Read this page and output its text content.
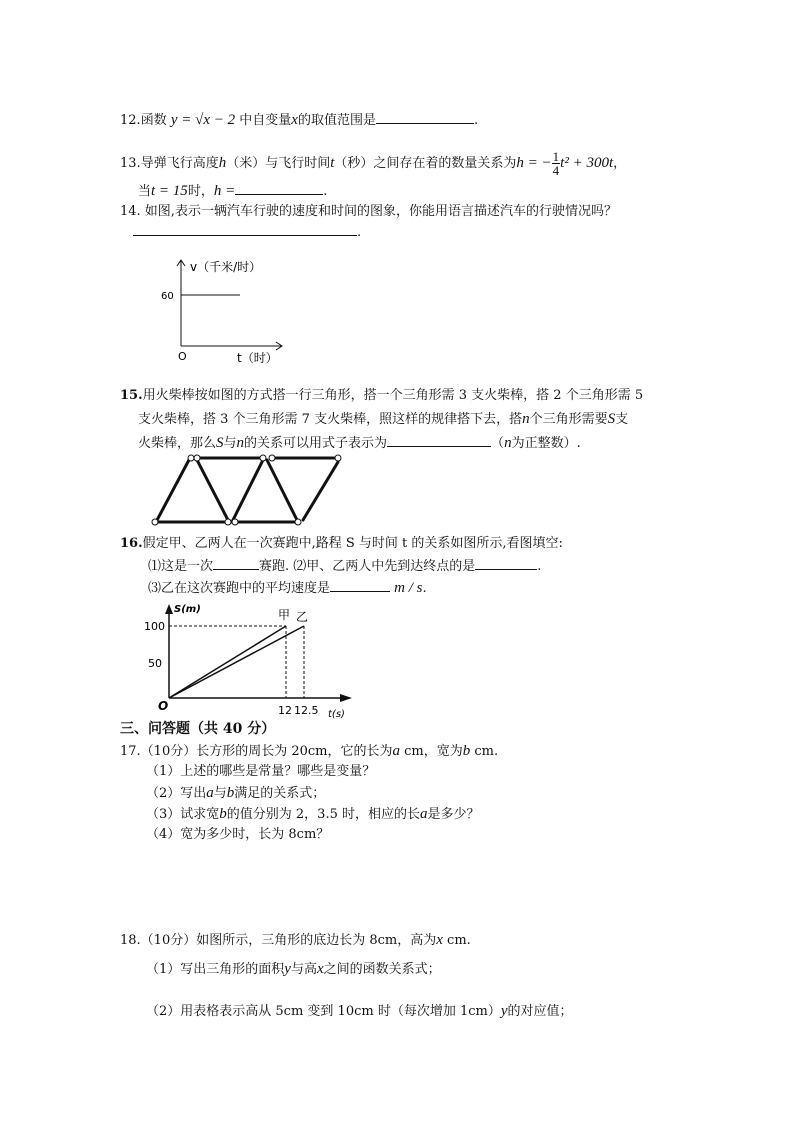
12.函数 y = √x − 2 中自变量x的取值范围是	.
13.导弹飞行高度h（米）与飞行时间t（秒）之间存在着的数量关系为h = − $\frac{1}{4} t^2 + 300t$，
当t = 15时，h =	.
14. 如图,表示一辆汽车行驶的速度和时间的图象，你能用语言描述汽车的行驶情况吗？
.
v（千米/时）
60
O	t（时）
15.用火柴棒按如图的方式搭一行三角形，搭一个三角形需 3 支火柴棒，搭 2 个三角形需 5
支火柴棒，搭 3 个三角形需 7 支火柴棒，照这样的规律搭下去，搭n个三角形需要S支
火柴棒，那么S与n的关系可以用式子表示为	（n为正整数）.
16.假定甲、乙两人在一次赛跑中,路程 S 与时间 t 的关系如图所示,看图填空:
⑴这是一次	赛跑. ⑵甲、乙两人中先到达终点的是	.
⑶乙在这次赛跑中的平均速度是	m / s.
S(m)
100
50
O	12 12.5 t(s)
甲 乙
三、问答题（共 40 分）
17.（10分）长方形的周长为 20cm，它的长为a cm，宽为b cm.
（1）上述的哪些是常量？哪些是变量？
（2）写出a与b满足的关系式；
（3）试求宽b的值分别为 2，3.5 时，相应的长a是多少？
（4）宽为多少时，长为 8cm？
18.（10分）如图所示，三角形的底边长为 8cm，高为x cm.
（1）写出三角形的面积y与高x之间的函数关系式；
（2）用表格表示高从 5cm 变到 10cm 时（每次增加 1cm）y的对应值；
